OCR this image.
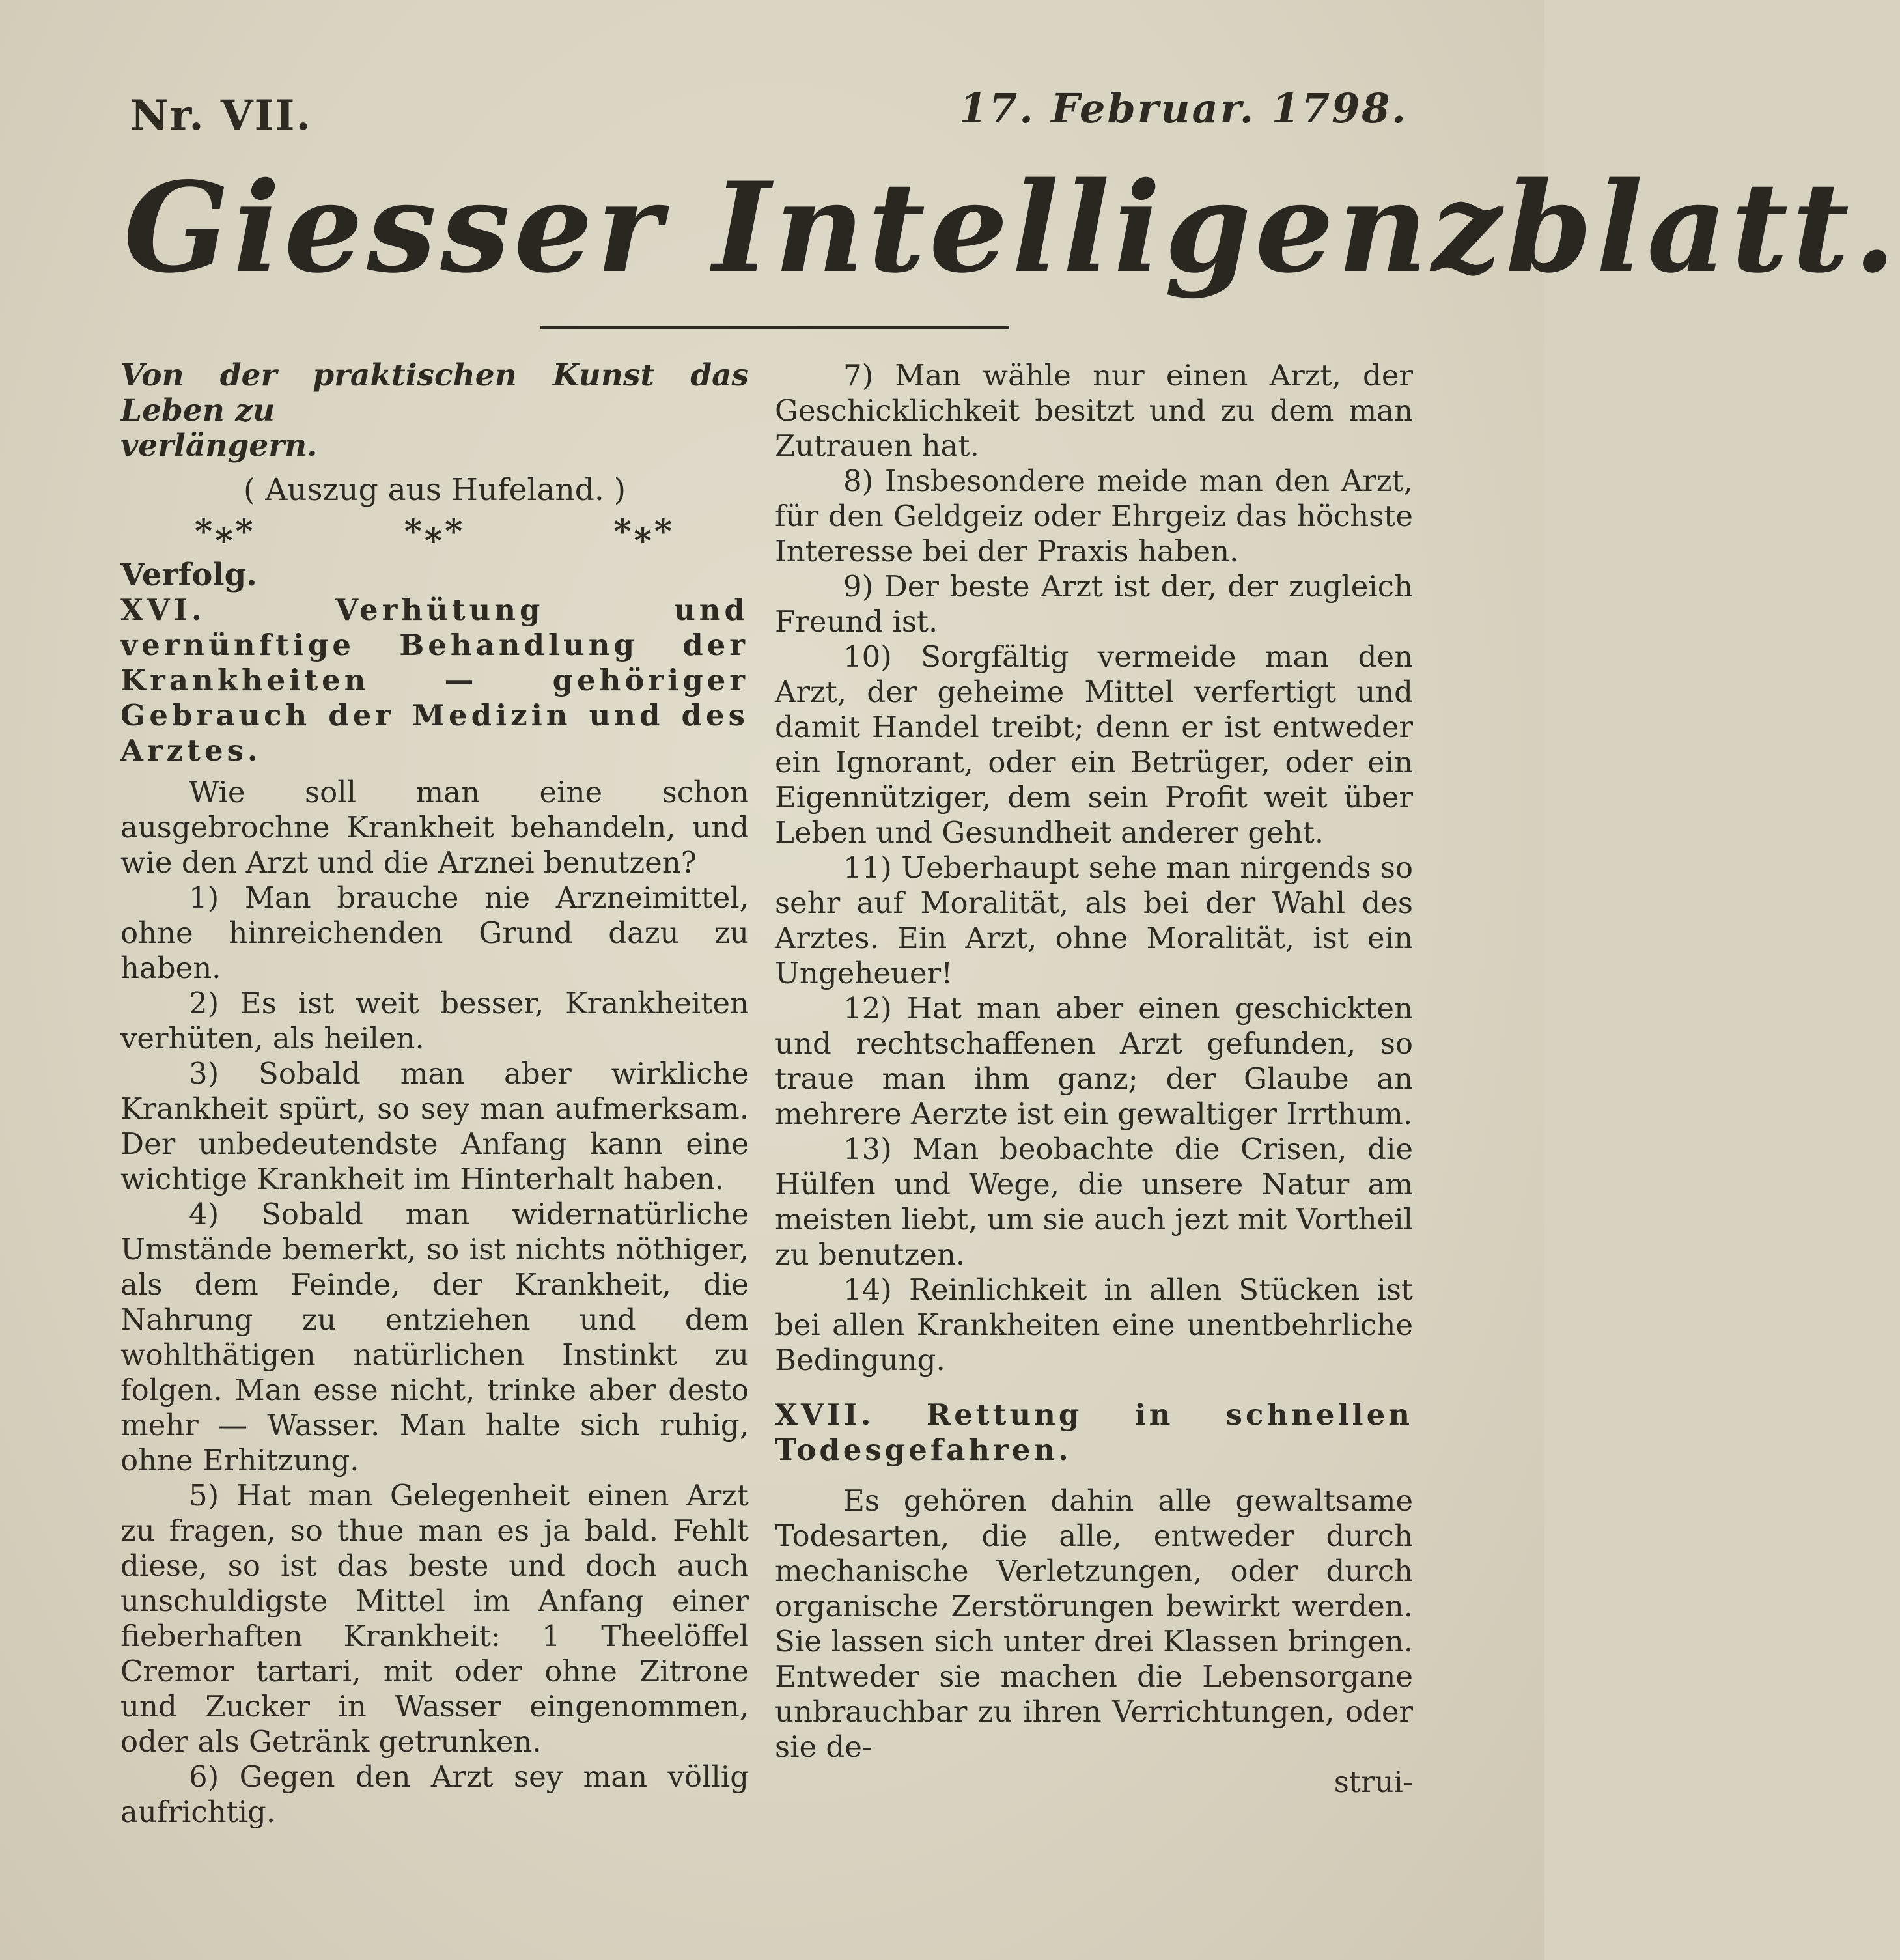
Nr. VII.	17. Februar. 1798.
Giesser Intelligenzblatt.

Von der praktischen Kunst das Leben zu

verlängern.

( Auszug aus Hufeland. )

*⁎*	*⁎*	*⁎*

Verfolg.

XVI. Verhütung und vernünftige Behandlung der Krankheiten — gehöriger Gebrauch der Medizin und des Arztes.

Wie soll man eine schon ausgebrochne Krankheit behandeln, und wie den Arzt und die Arznei benutzen?

1) Man brauche nie Arzneimittel, ohne hinreichenden Grund dazu zu haben.

2) Es ist weit besser, Krankheiten verhüten, als heilen.

3) Sobald man aber wirkliche Krankheit spürt, so sey man aufmerksam. Der unbedeutendste Anfang kann eine wichtige Krankheit im Hinterhalt haben.

4) Sobald man widernatürliche Umstände bemerkt, so ist nichts nöthiger, als dem Feinde, der Krankheit, die Nahrung zu entziehen und dem wohlthätigen natürlichen Instinkt zu folgen. Man esse nicht, trinke aber desto mehr — Wasser. Man halte sich ruhig, ohne Erhitzung.

5) Hat man Gelegenheit einen Arzt zu fragen, so thue man es ja bald. Fehlt diese, so ist das beste und doch auch unschuldigste Mittel im Anfang einer fieberhaften Krankheit: 1 Theelöffel Cremor tartari, mit oder ohne Zitrone und Zucker in Wasser eingenommen, oder als Getränk getrunken.

6) Gegen den Arzt sey man völlig aufrichtig.

7) Man wähle nur einen Arzt, der Geschicklichkeit besitzt und zu dem man Zutrauen hat.

8) Insbesondere meide man den Arzt, für den Geldgeiz oder Ehrgeiz das höchste Interesse bei der Praxis haben.

9) Der beste Arzt ist der, der zugleich Freund ist.

10) Sorgfältig vermeide man den Arzt, der geheime Mittel verfertigt und damit Handel treibt; denn er ist entweder ein Ignorant, oder ein Betrüger, oder ein Eigennütziger, dem sein Profit weit über Leben und Gesundheit anderer geht.

11) Ueberhaupt sehe man nirgends so sehr auf Moralität, als bei der Wahl des Arztes. Ein Arzt, ohne Moralität, ist ein Ungeheuer!

12) Hat man aber einen geschickten und rechtschaffenen Arzt gefunden, so traue man ihm ganz; der Glaube an mehrere Aerzte ist ein gewaltiger Irrthum.

13) Man beobachte die Crisen, die Hülfen und Wege, die unsere Natur am meisten liebt, um sie auch jezt mit Vortheil zu benutzen.

14) Reinlichkeit in allen Stücken ist bei allen Krankheiten eine unentbehrliche Bedingung.

XVII. Rettung in schnellen Todesgefahren.

Es gehören dahin alle gewaltsame Todesarten, die alle, entweder durch mechanische Verletzungen, oder durch organische Zerstörungen bewirkt werden. Sie lassen sich unter drei Klassen bringen. Entweder sie machen die Lebensorgane unbrauchbar zu ihren Verrichtungen, oder sie de-

strui-
